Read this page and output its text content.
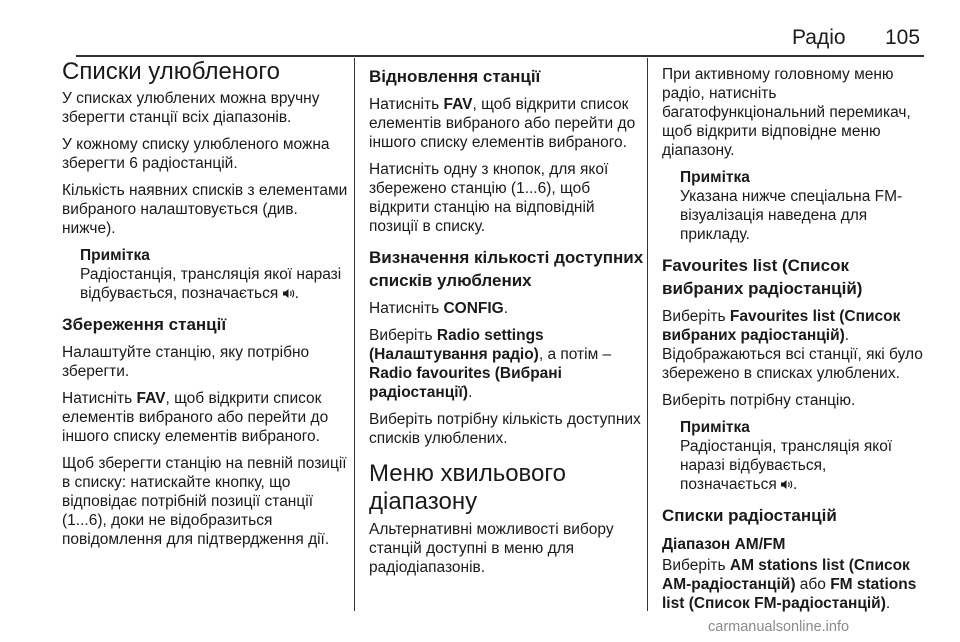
Радіо 105
Списки улюбленого

У списках улюблених можна вручну зберегти станції всіх діапазонів.

У кожному списку улюбленого можна зберегти 6 радіостанцій.

Кількість наявних списків з елементами вибраного налаштовується (див. нижче).

Примітка
Радіостанція, трансляція якої наразі відбувається, позначається .
Збереження станції

Налаштуйте станцію, яку потрібно зберегти.

Натисніть FAV, щоб відкрити список елементів вибраного або перейти до іншого списку елементів вибраного.

Щоб зберегти станцію на певній позиції в списку: натискайте кнопку, що відповідає потрібній позиції станції (1...6), доки не відобразиться повідомлення для підтвердження дії.

Відновлення станції

Натисніть FAV, щоб відкрити список елементів вибраного або перейти до іншого списку елементів вибраного.

Натисніть одну з кнопок, для якої збережено станцію (1...6), щоб відкрити станцію на відповідній позиції в списку.

Визначення кількості доступних списків улюблених

Натисніть CONFIG.

Виберіть Radio settings (Налаштування радіо), а потім – Radio favourites (Вибрані радіостанції).

Виберіть потрібну кількість доступних списків улюблених.

Меню хвильового діапазону

Альтернативні можливості вибору станцій доступні в меню для радіодіапазонів.

При активному головному меню радіо, натисніть багатофункціональний перемикач, щоб відкрити відповідне меню діапазону.

Примітка
Указана нижче спеціальна FM-візуалізація наведена для прикладу.
Favourites list (Список вибраних радіостанцій)

Виберіть Favourites list (Список вибраних радіостанцій). Відображаються всі станції, які було збережено в списках улюблених.

Виберіть потрібну станцію.

Примітка
Радіостанція, трансляція якої наразі відбувається, позначається .
Списки радіостанцій
Діапазон AM/FM

Виберіть AM stations list (Список AM-радіостанцій) або FM stations list (Список FM-радіостанцій).

carmanualsonline.info
